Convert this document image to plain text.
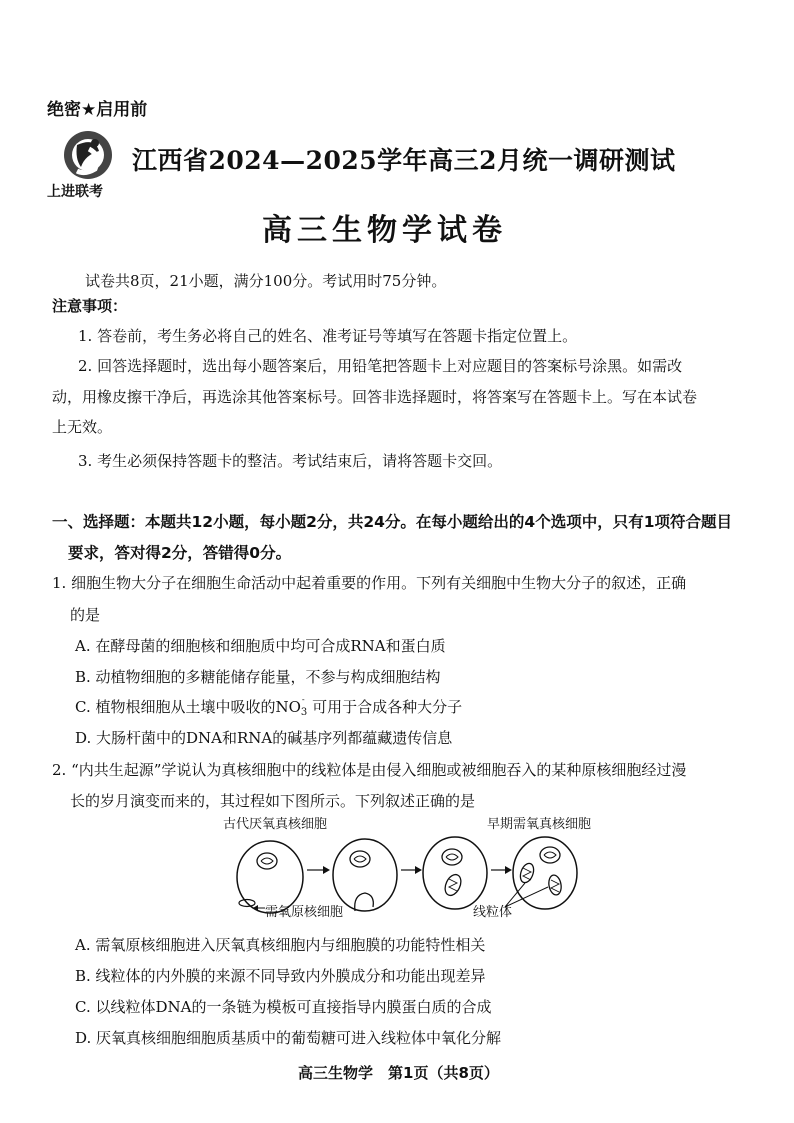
绝密★启用前
上进联考
江西省2024—2025学年高三2月统一调研测试
高三生物学试卷
试卷共8页，21小题，满分100分。考试用时75分钟。
注意事项：
1. 答卷前，考生务必将自己的姓名、准考证号等填写在答题卡指定位置上。
2. 回答选择题时，选出每小题答案后，用铅笔把答题卡上对应题目的答案标号涂黑。如需改
动，用橡皮擦干净后，再选涂其他答案标号。回答非选择题时，将答案写在答题卡上。写在本试卷
上无效。
3. 考生必须保持答题卡的整洁。考试结束后，请将答题卡交回。
一、选择题：本题共12小题，每小题2分，共24分。在每小题给出的4个选项中，只有1项符合题目
要求，答对得2分，答错得0分。
1. 细胞生物大分子在细胞生命活动中起着重要的作用。下列有关细胞中生物大分子的叙述，正确
的是
A. 在酵母菌的细胞核和细胞质中均可合成RNA和蛋白质
B. 动植物细胞的多糖能储存能量，不参与构成细胞结构
C. 植物根细胞从土壤中吸收的NO -
$_3$ 可用于合成各种大分子
D. 大肠杆菌中的DNA和RNA的碱基序列都蕴藏遗传信息
2. “内共生起源”学说认为真核细胞中的线粒体是由侵入细胞或被细胞吞入的某种原核细胞经过漫
长的岁月演变而来的，其过程如下图所示。下列叙述正确的是
古代厌氧真核细胞	早期需氧真核细胞
需氧原核细胞	线粒体
A. 需氧原核细胞进入厌氧真核细胞内与细胞膜的功能特性相关
B. 线粒体的内外膜的来源不同导致内外膜成分和功能出现差异
C. 以线粒体DNA的一条链为模板可直接指导内膜蛋白质的合成
D. 厌氧真核细胞细胞质基质中的葡萄糖可进入线粒体中氧化分解
高三生物学　第1页（共8页）
